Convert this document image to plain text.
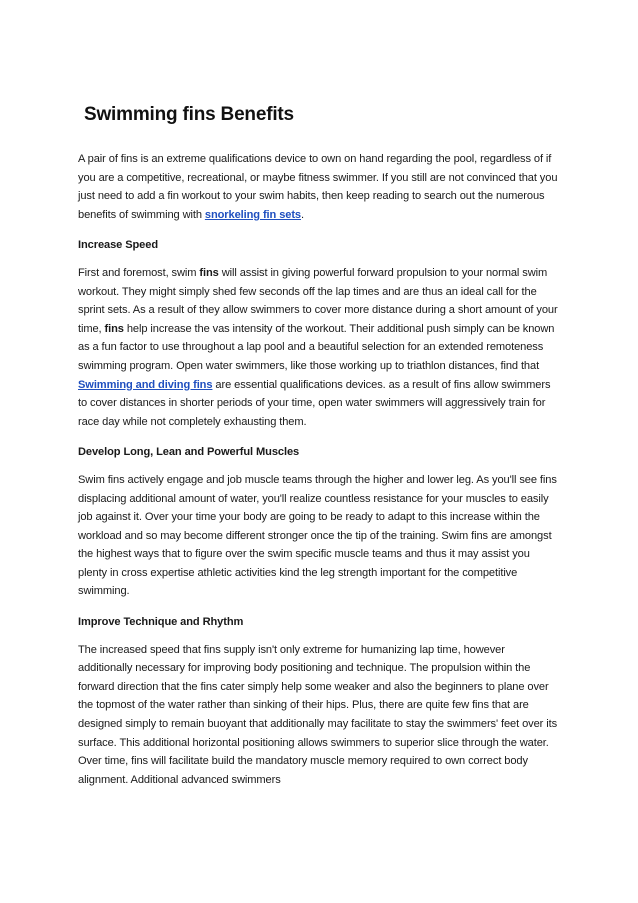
Swimming fins Benefits

A pair of fins is an extreme qualifications device to own on hand regarding the pool, regardless of if you are a competitive, recreational, or maybe fitness swimmer. If you still are not convinced that you just need to add a fin workout to your swim habits, then keep reading to search out the numerous benefits of swimming with snorkeling fin sets.

Increase Speed

First and foremost, swim fins will assist in giving powerful forward propulsion to your normal swim workout. They might simply shed few seconds off the lap times and are thus an ideal call for the sprint sets. As a result of they allow swimmers to cover more distance during a short amount of your time, fins help increase the vas intensity of the workout. Their additional push simply can be known as a fun factor to use throughout a lap pool and a beautiful selection for an extended remoteness swimming program. Open water swimmers, like those working up to triathlon distances, find that Swimming and diving fins are essential qualifications devices. as a result of fins allow swimmers to cover distances in shorter periods of your time, open water swimmers will aggressively train for race day while not completely exhausting them.

Develop Long, Lean and Powerful Muscles

Swim fins actively engage and job muscle teams through the higher and lower leg. As you'll see fins displacing additional amount of water, you'll realize countless resistance for your muscles to easily job against it. Over your time your body are going to be ready to adapt to this increase within the workload and so may become different stronger once the tip of the training. Swim fins are amongst the highest ways that to figure over the swim specific muscle teams and thus it may assist you plenty in cross expertise athletic activities kind the leg strength important for the competitive swimming.

Improve Technique and Rhythm

The increased speed that fins supply isn't only extreme for humanizing lap time, however additionally necessary for improving body positioning and technique. The propulsion within the forward direction that the fins cater simply help some weaker and also the beginners to plane over the topmost of the water rather than sinking of their hips. Plus, there are quite few fins that are designed simply to remain buoyant that additionally may facilitate to stay the swimmers' feet over its surface. This additional horizontal positioning allows swimmers to superior slice through the water. Over time, fins will facilitate build the mandatory muscle memory required to own correct body alignment. Additional advanced swimmers
